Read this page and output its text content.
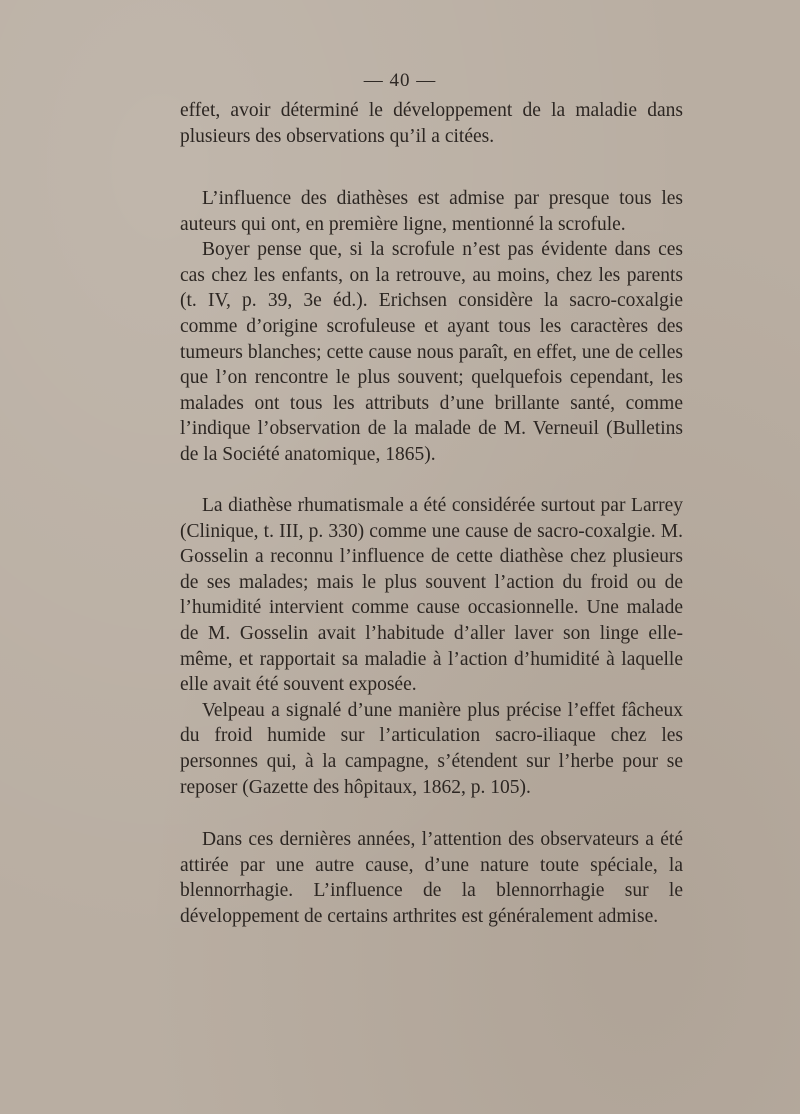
— 40 —

effet, avoir déterminé le développement de la maladie dans plusieurs des observations qu’il a citées.

L’influence des diathèses est admise par presque tous les auteurs qui ont, en première ligne, mentionné la scrofule.

Boyer pense que, si la scrofule n’est pas évidente dans ces cas chez les enfants, on la retrouve, au moins, chez les parents (t. IV, p. 39, 3e éd.). Erichsen considère la sacro-coxalgie comme d’origine scrofuleuse et ayant tous les caractères des tumeurs blanches; cette cause nous paraît, en effet, une de celles que l’on rencontre le plus souvent; quelquefois cependant, les malades ont tous les attributs d’une brillante santé, comme l’indique l’observation de la malade de M. Verneuil (Bulletins de la Société anatomique, 1865).

La diathèse rhumatismale a été considérée surtout par Larrey (Clinique, t. III, p. 330) comme une cause de sacro-coxalgie. M. Gosselin a reconnu l’influence de cette diathèse chez plusieurs de ses malades; mais le plus souvent l’action du froid ou de l’humidité intervient comme cause occasionnelle. Une malade de M. Gosselin avait l’habitude d’aller laver son linge elle-même, et rapportait sa maladie à l’action d’humidité à laquelle elle avait été souvent exposée.

Velpeau a signalé d’une manière plus précise l’effet fâcheux du froid humide sur l’articulation sacro-iliaque chez les personnes qui, à la campagne, s’étendent sur l’herbe pour se reposer (Gazette des hôpitaux, 1862, p. 105).

Dans ces dernières années, l’attention des observateurs a été attirée par une autre cause, d’une nature toute spéciale, la blennorrhagie. L’influence de la blennorrhagie sur le développement de certains arthrites est généralement admise.
